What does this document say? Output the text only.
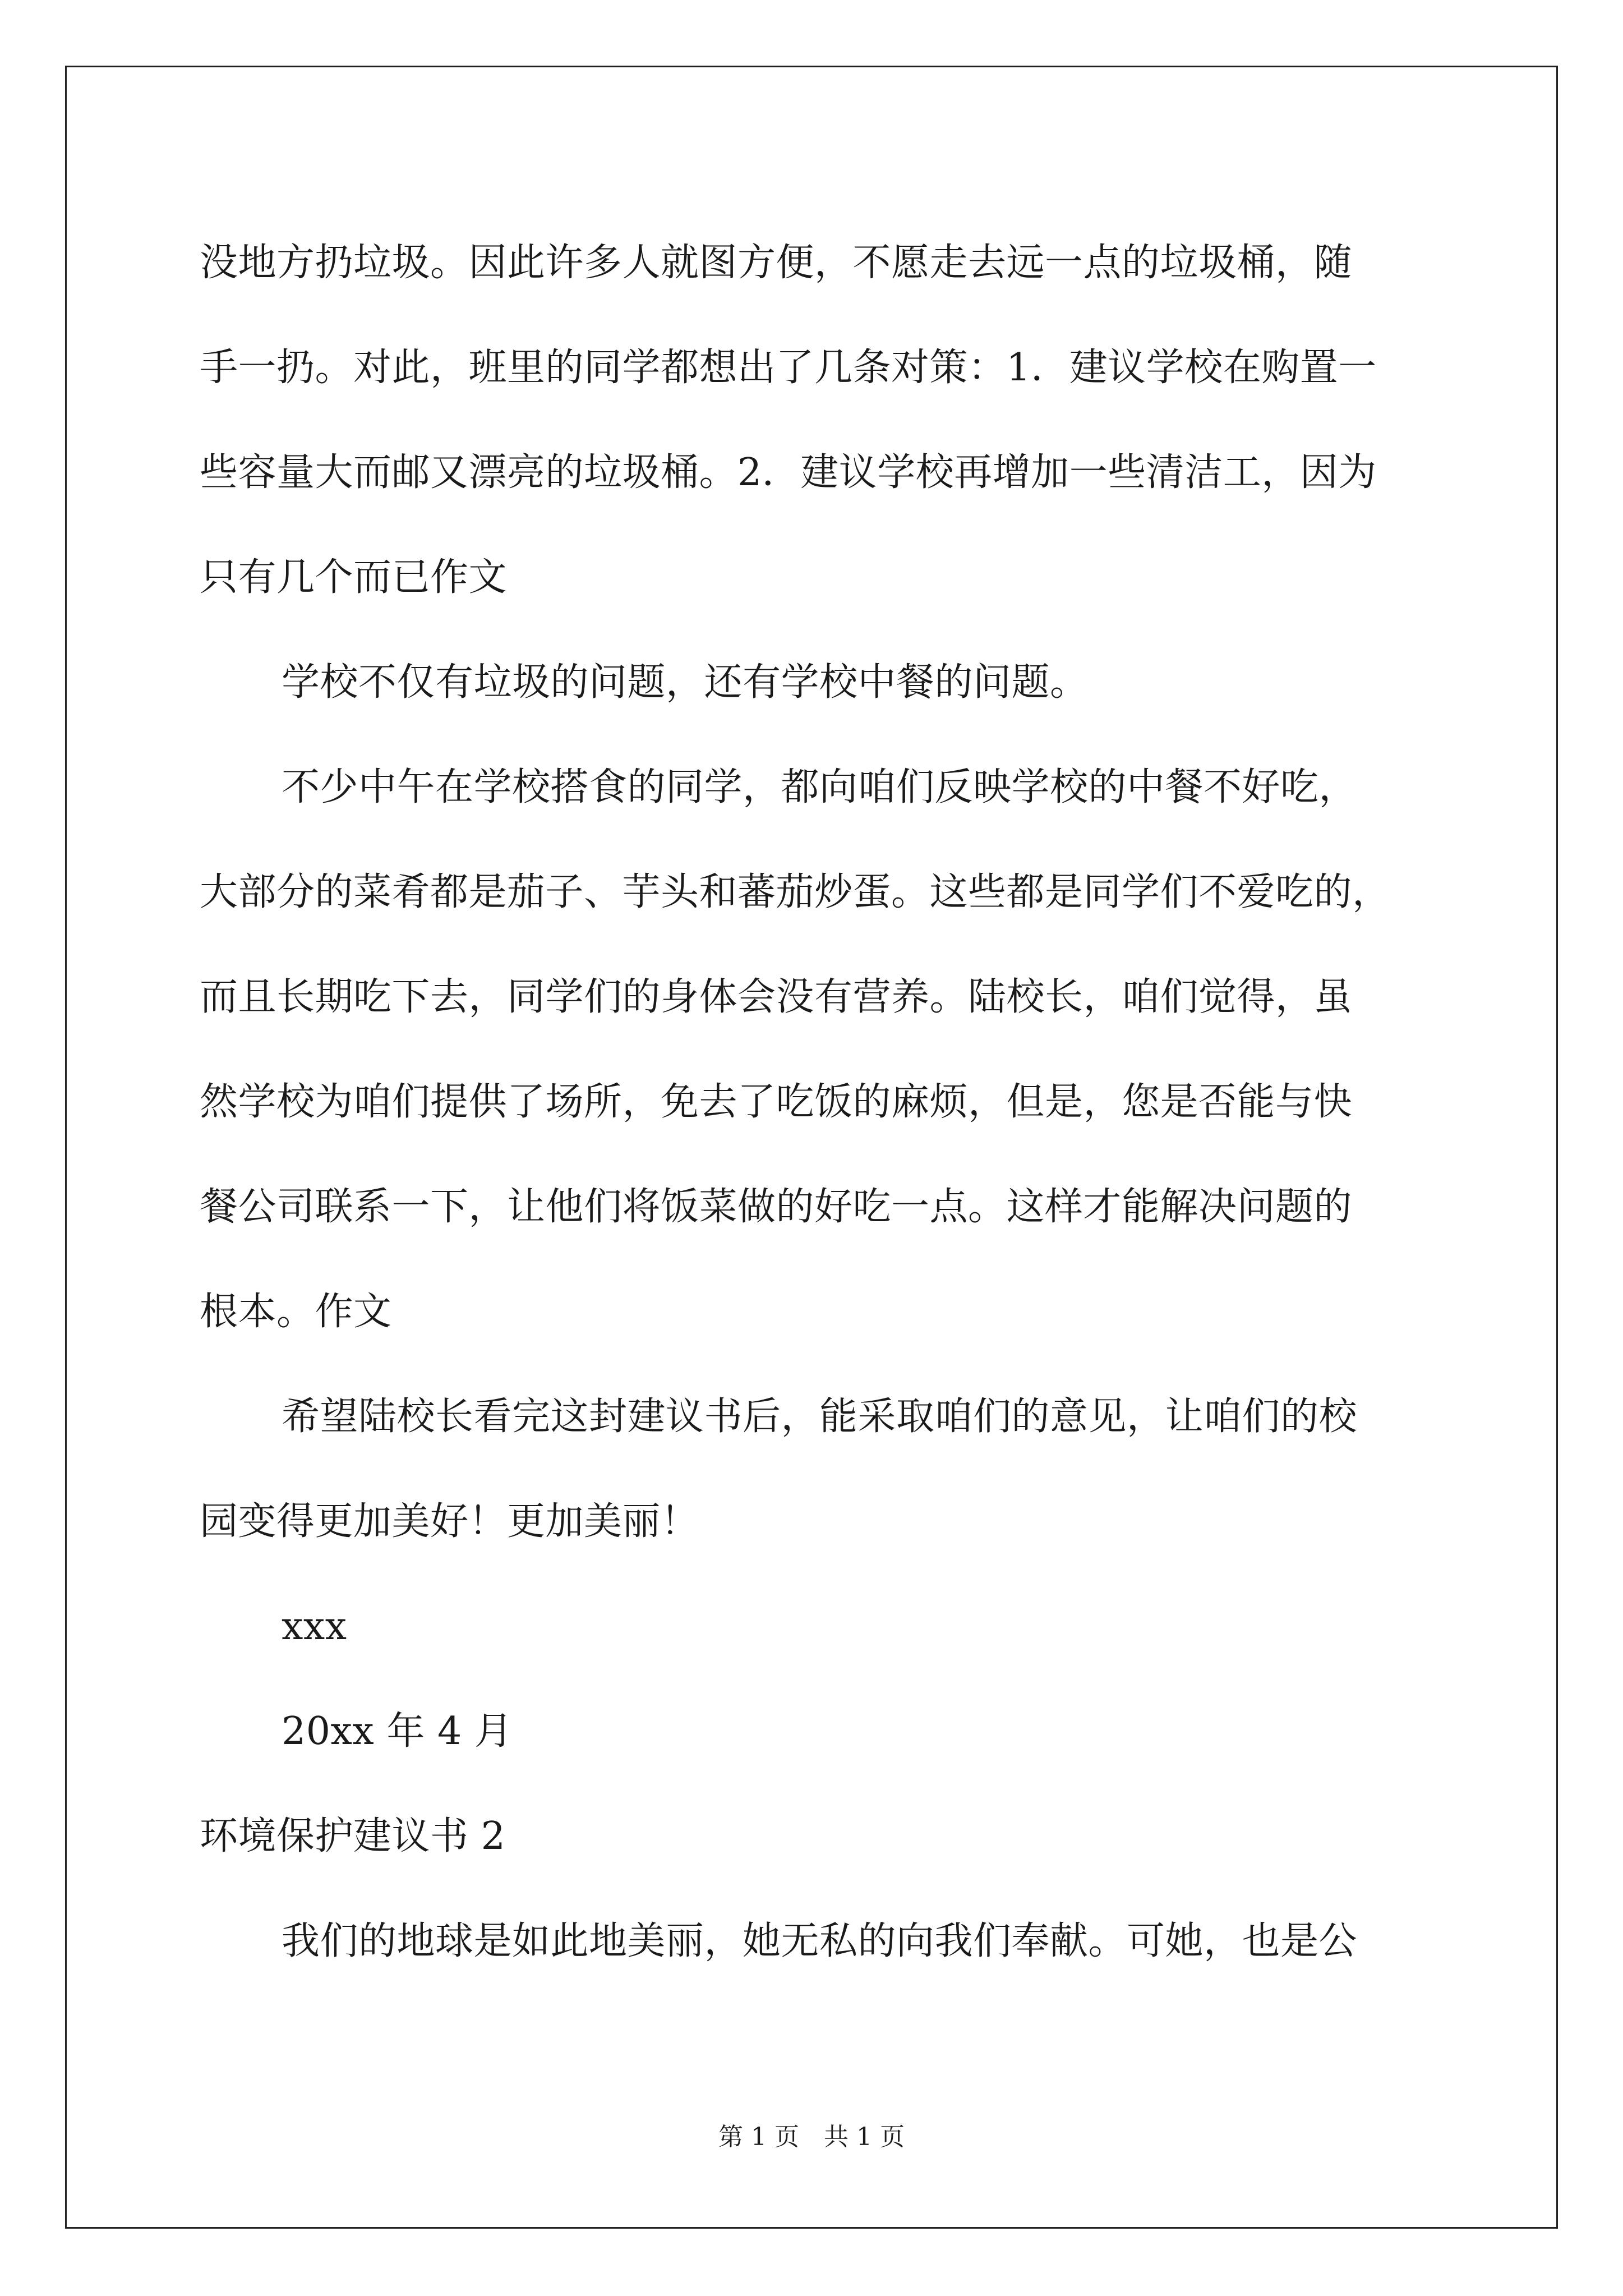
没地方扔垃圾。因此许多人就图方便，不愿走去远一点的垃圾桶，随
手一扔。对此，班里的同学都想出了几条对策：1．建议学校在购置一
些容量大而邮又漂亮的垃圾桶。2．建议学校再增加一些清洁工，因为
只有几个而已作文
学校不仅有垃圾的问题，还有学校中餐的问题。
不少中午在学校搭食的同学，都向咱们反映学校的中餐不好吃，
大部分的菜肴都是茄子、芋头和蕃茄炒蛋。这些都是同学们不爱吃的，
而且长期吃下去，同学们的身体会没有营养。陆校长，咱们觉得，虽
然学校为咱们提供了场所，免去了吃饭的麻烦，但是，您是否能与快
餐公司联系一下，让他们将饭菜做的好吃一点。这样才能解决问题的
根本。作文
希望陆校长看完这封建议书后，能采取咱们的意见，让咱们的校
园变得更加美好！更加美丽！
xxx
20xx 年 4 月
环境保护建议书 2
我们的地球是如此地美丽，她无私的向我们奉献。可她，也是公
第 1 页　共 1 页
